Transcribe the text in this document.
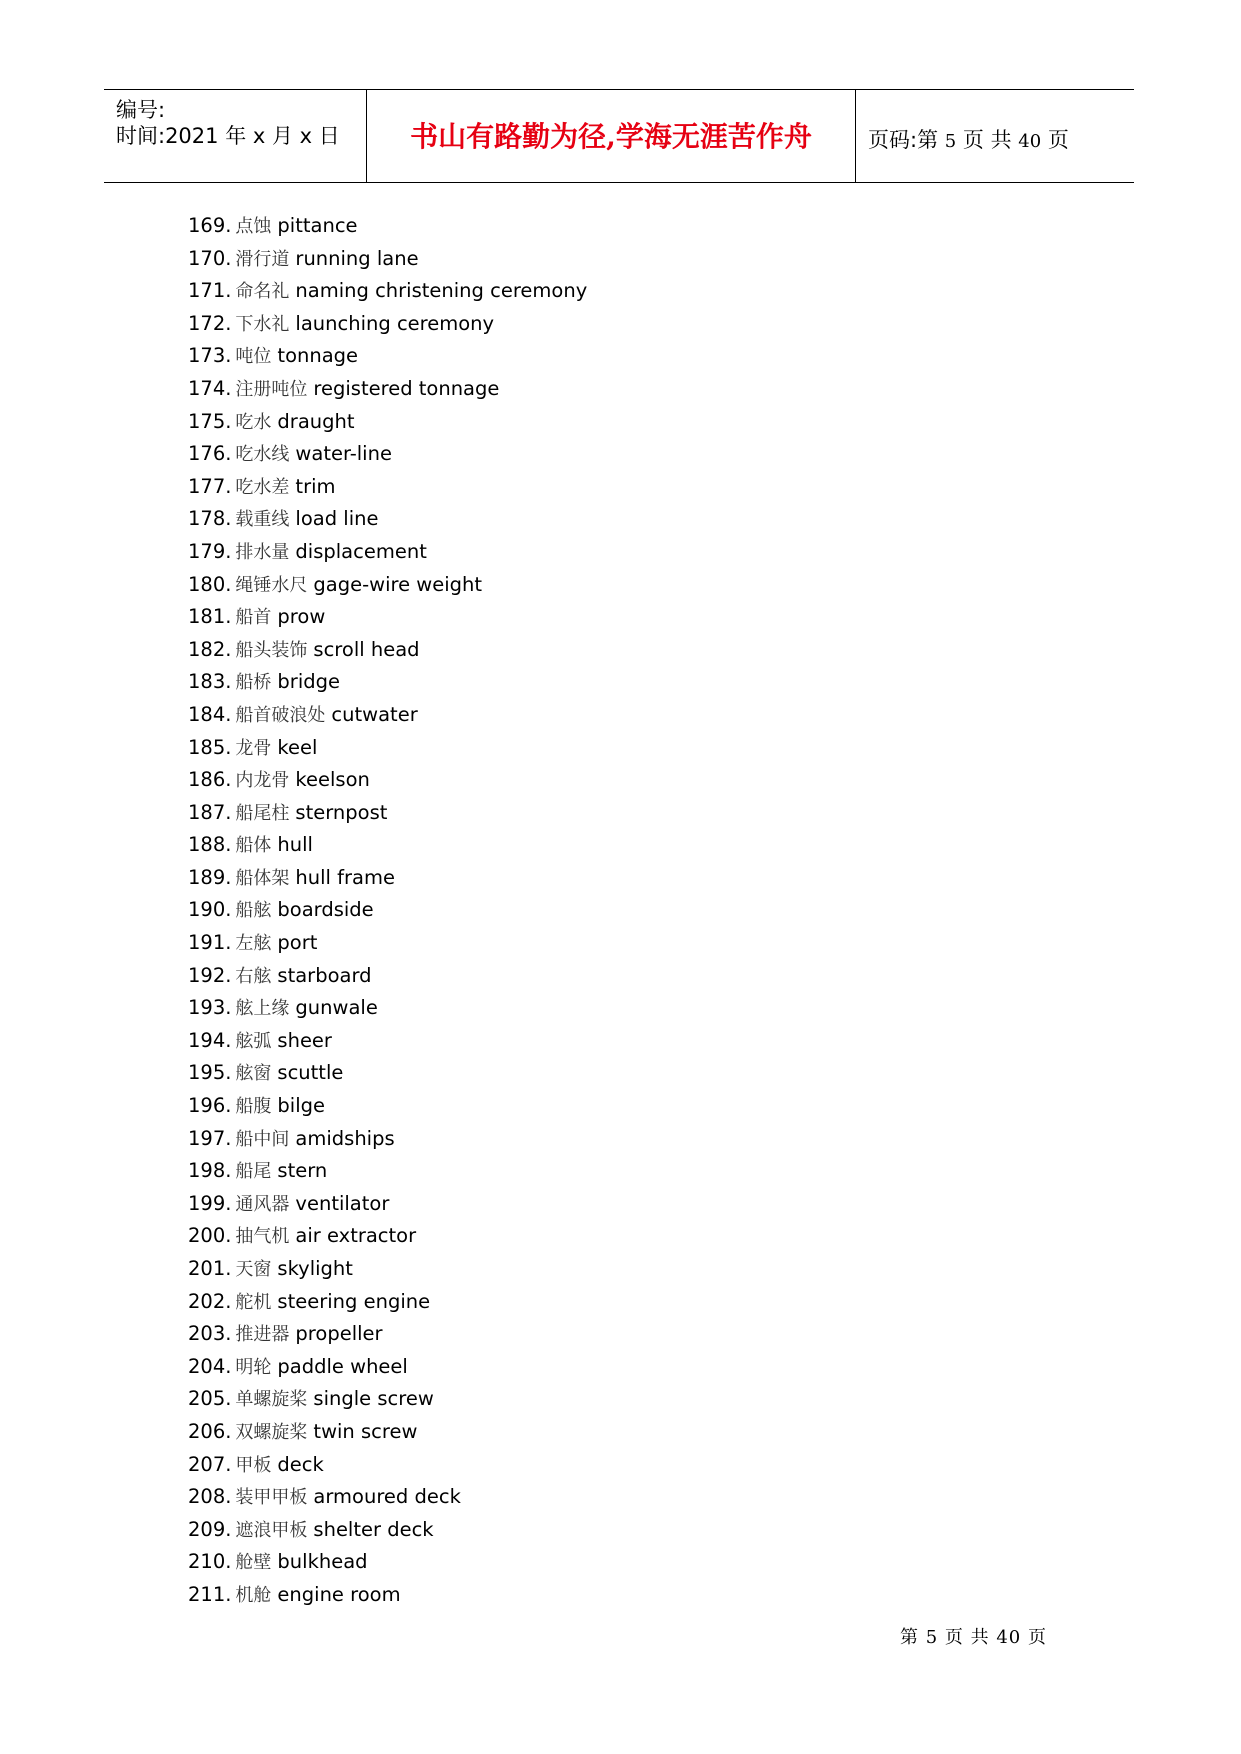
编号:
时间:2021 年 x 月 x 日	书山有路勤为径,学海无涯苦作舟	页码:第 5 页 共 40 页
169. 点蚀 pittance
170. 滑行道 running lane
171. 命名礼 naming christening ceremony
172. 下水礼 launching ceremony
173. 吨位 tonnage
174. 注册吨位 registered tonnage
175. 吃水 draught
176. 吃水线 water-line
177. 吃水差 trim
178. 载重线 load line
179. 排水量 displacement
180. 绳锤水尺 gage-wire weight
181. 船首 prow
182. 船头装饰 scroll head
183. 船桥 bridge
184. 船首破浪处 cutwater
185. 龙骨 keel
186. 内龙骨 keelson
187. 船尾柱 sternpost
188. 船体 hull
189. 船体架 hull frame
190. 船舷 boardside
191. 左舷 port
192. 右舷 starboard
193. 舷上缘 gunwale
194. 舷弧 sheer
195. 舷窗 scuttle
196. 船腹 bilge
197. 船中间 amidships
198. 船尾 stern
199. 通风器 ventilator
200. 抽气机 air extractor
201. 天窗 skylight
202. 舵机 steering engine
203. 推进器 propeller
204. 明轮 paddle wheel
205. 单螺旋桨 single screw
206. 双螺旋桨 twin screw
207. 甲板 deck
208. 装甲甲板 armoured deck
209. 遮浪甲板 shelter deck
210. 舱壁 bulkhead
211. 机舱 engine room
第 5 页 共 40 页
